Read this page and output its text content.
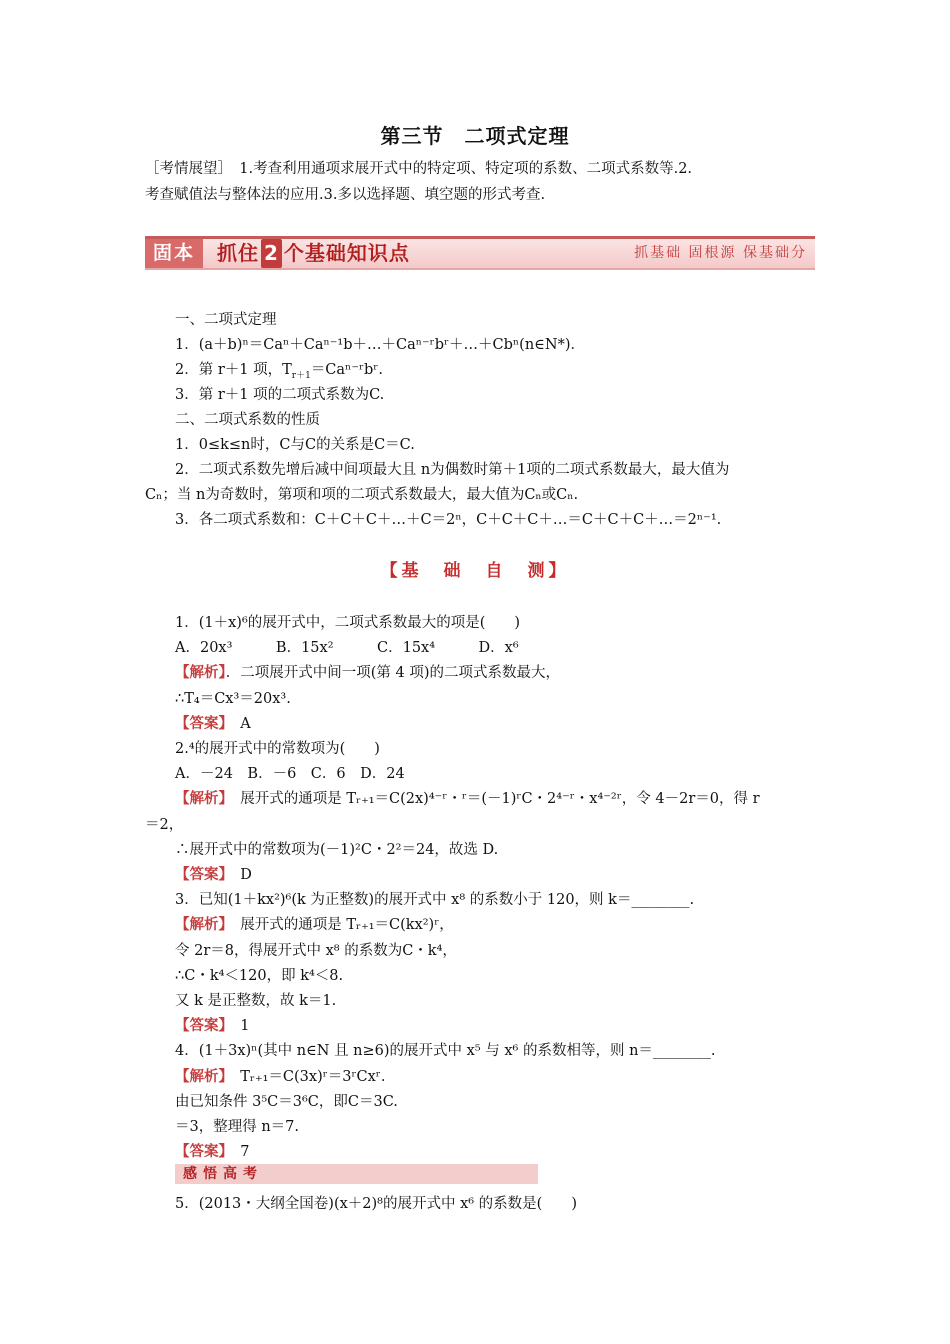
第三节　二项式定理
［考情展望］　1.考查利用通项求展开式中的特定项、特定项的系数、二项式系数等.2.
考查赋值法与整体法的应用.3.多以选择题、填空题的形式考查.
固本	抓住 2 个基础知识点	抓基础 固根源 保基础分
一、二项式定理
1．(a＋b)ⁿ＝Caⁿ＋Caⁿ⁻¹b＋…＋Caⁿ⁻ʳbʳ＋…＋Cbⁿ(n∈N*)．
2．第 r＋1 项，$T_{r+1}=Ca^{n-}ʳbʳ$.
3．第 r＋1 项的二项式系数为C.
二、二项式系数的性质
1．0≤k≤n时，C与C的关系是C＝C.
2．二项式系数先增后减中间项最大且 n为偶数时第＋1项的二项式系数最大，最大值为
Cₙ；当 n为奇数时，第项和项的二项式系数最大，最大值为Cₙ或Cₙ.
3．各二项式系数和：C＋C＋C＋…＋C＝2ⁿ，C＋C＋C＋…＝C＋C＋C＋…＝2ⁿ⁻¹.
【基　础　自　测】
1．(1＋x)⁶的展开式中，二项式系数最大的项是(　　)
A．20x³　　　B．15x²　　　C．15x⁴　　　D．x⁶
【解析】．二项展开式中间一项(第 4 项)的二项式系数最大，
∴T₄＝Cx³＝20x³.
【答案】　A
2.⁴的展开式中的常数项为(　　)
A．－24　B．－6　C．6　D．24
【解析】　展开式的通项是 Tᵣ₊₁＝C(2x)⁴⁻ʳ・ʳ＝(－1)ʳC・2⁴⁻ʳ・x⁴⁻²ʳ，令 4－2r＝0，得 r
＝2，
∴展开式中的常数项为(－1)²C・2²＝24，故选 D.
【答案】　D
3．已知(1＋kx²)⁶(k 为正整数)的展开式中 x⁸ 的系数小于 120，则 k＝________.
【解析】　展开式的通项是 Tᵣ₊₁＝C(kx²)ʳ，
令 2r＝8，得展开式中 x⁸ 的系数为C・k⁴，
∴C・k⁴＜120，即 k⁴＜8.
又 k 是正整数，故 k＝1.
【答案】　1
4．(1＋3x)ⁿ(其中 n∈N 且 n≥6)的展开式中 x⁵ 与 x⁶ 的系数相等，则 n＝________.
【解析】　Tᵣ₊₁＝C(3x)ʳ＝3ʳCxʳ.
由已知条件 3⁵C＝3⁶C，即C＝3C.
＝3，整理得 n＝7.
【答案】　7
感悟高考
5．(2013・大纲全国卷)(x＋2)⁸的展开式中 x⁶ 的系数是(　　)
